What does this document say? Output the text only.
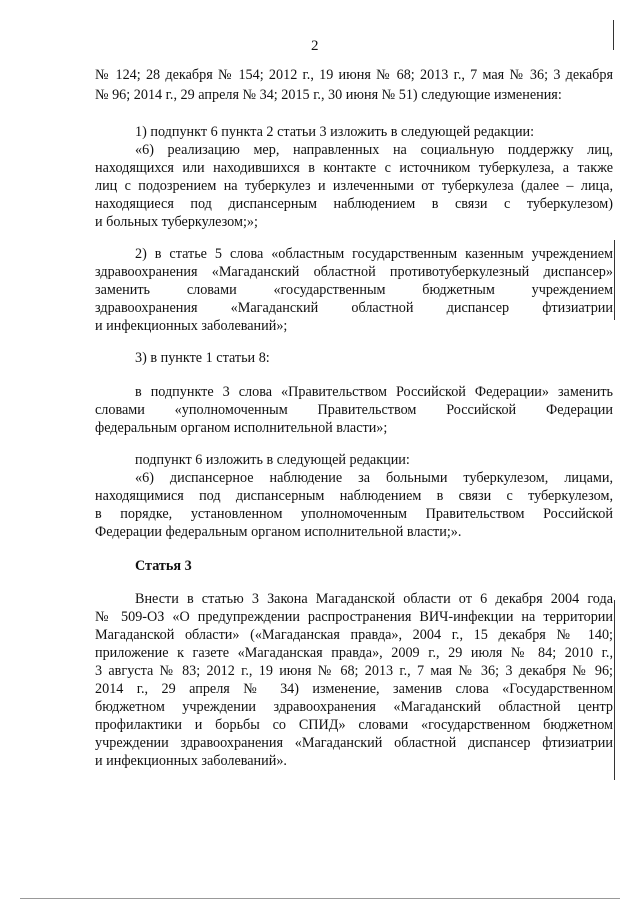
2
№ 124; 28 декабря № 154; 2012 г., 19 июня № 68; 2013 г., 7 мая № 36; 3 декабря
№ 96; 2014 г., 29 апреля № 34; 2015 г., 30 июня № 51) следующие изменения:
1) подпункт 6 пункта 2 статьи 3 изложить в следующей редакции:
«6) реализацию мер, направленных на социальную поддержку лиц,
находящихся или находившихся в контакте с источником туберкулеза, а также
лиц с подозрением на туберкулез и излеченными от туберкулеза (далее – лица,
находящиеся под диспансерным наблюдением в связи с туберкулезом)
и больных туберкулезом;»;
2) в статье 5 слова «областным государственным казенным учреждением
здравоохранения «Магаданский областной противотуберкулезный диспансер»
заменить словами «государственным бюджетным учреждением
здравоохранения «Магаданский областной диспансер фтизиатрии
и инфекционных заболеваний»;
3) в пункте 1 статьи 8:
в подпункте 3 слова «Правительством Российской Федерации» заменить
словами «уполномоченным Правительством Российской Федерации
федеральным органом исполнительной власти»;
подпункт 6 изложить в следующей редакции:
«6) диспансерное наблюдение за больными туберкулезом, лицами,
находящимися под диспансерным наблюдением в связи с туберкулезом,
в порядке, установленном уполномоченным Правительством Российской
Федерации федеральным органом исполнительной власти;».
Статья 3
Внести в статью 3 Закона Магаданской области от 6 декабря 2004 года
№ 509-ОЗ «О предупреждении распространения ВИЧ-инфекции на территории
Магаданской области» («Магаданская правда», 2004 г., 15 декабря № 140;
приложение к газете «Магаданская правда», 2009 г., 29 июля № 84; 2010 г.,
3 августа № 83; 2012 г., 19 июня № 68; 2013 г., 7 мая № 36; 3 декабря № 96;
2014 г., 29 апреля № 34) изменение, заменив слова «Государственном
бюджетном учреждении здравоохранения «Магаданский областной центр
профилактики и борьбы со СПИД» словами «государственном бюджетном
учреждении здравоохранения «Магаданский областной диспансер фтизиатрии
и инфекционных заболеваний».
